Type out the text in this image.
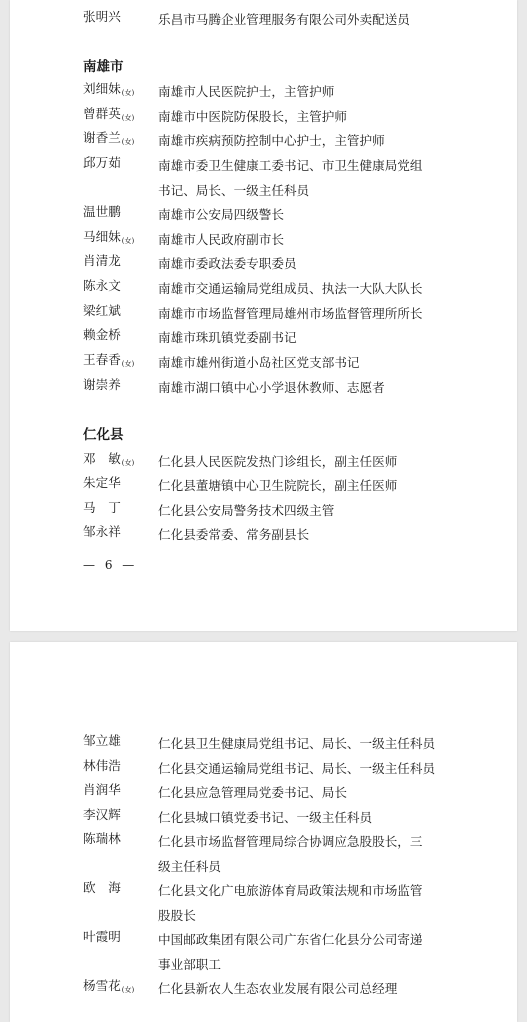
张明兴	乐昌市马腾企业管理服务有限公司外卖配送员
南雄市
刘细妹(女)	南雄市人民医院护士，主管护师
曾群英(女)	南雄市中医院防保股长，主管护师
谢香兰(女)	南雄市疾病预防控制中心护士，主管护师
邱万茹	南雄市委卫生健康工委书记、市卫生健康局党组
书记、局长、一级主任科员
温世鹏	南雄市公安局四级警长
马细妹(女)	南雄市人民政府副市长
肖清龙	南雄市委政法委专职委员
陈永文	南雄市交通运输局党组成员、执法一大队大队长
梁红斌	南雄市市场监督管理局雄州市场监督管理所所长
赖金桥	南雄市珠玑镇党委副书记
王春香(女)	南雄市雄州街道小岛社区党支部书记
谢崇养	南雄市湖口镇中心小学退休教师、志愿者
仁化县
邓　敏(女)	仁化县人民医院发热门诊组长，副主任医师
朱定华	仁化县董塘镇中心卫生院院长，副主任医师
马　丁	仁化县公安局警务技术四级主管
邹永祥	仁化县委常委、常务副县长
— 6 —
邹立雄	仁化县卫生健康局党组书记、局长、一级主任科员
林伟浩	仁化县交通运输局党组书记、局长、一级主任科员
肖润华	仁化县应急管理局党委书记、局长
李汉辉	仁化县城口镇党委书记、一级主任科员
陈瑞林	仁化县市场监督管理局综合协调应急股股长，三
级主任科员
欧　海	仁化县文化广电旅游体育局政策法规和市场监管
股股长
叶霞明	中国邮政集团有限公司广东省仁化县分公司寄递
事业部职工
杨雪花(女)	仁化县新农人生态农业发展有限公司总经理
